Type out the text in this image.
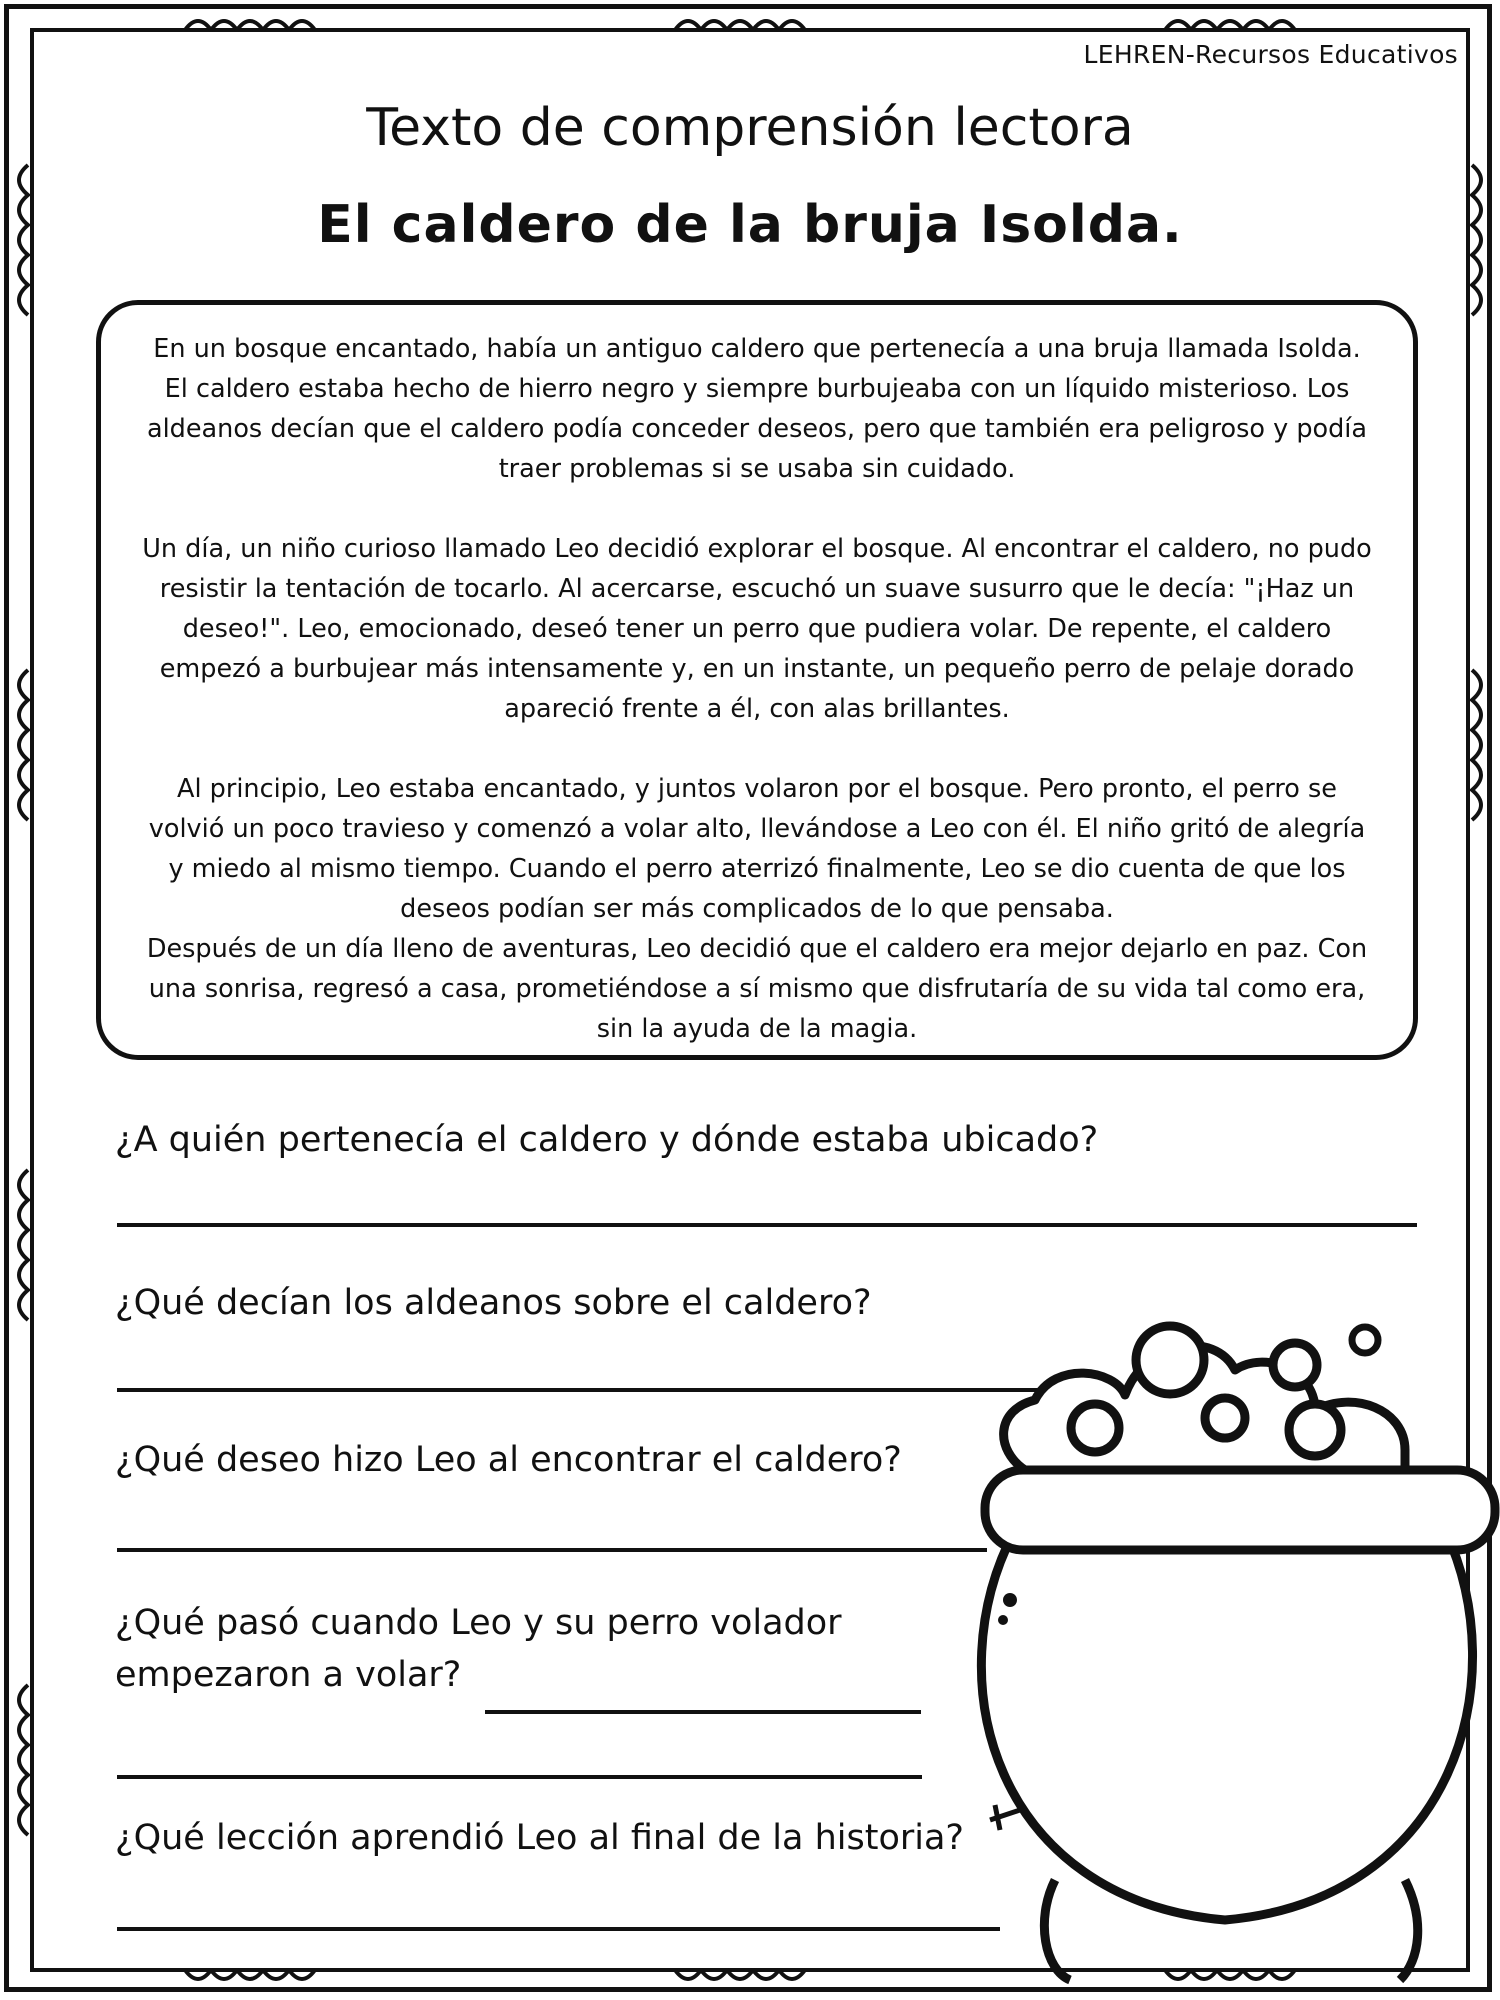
LEHREN-Recursos Educativos
Texto de comprensión lectora
El caldero de la bruja Isolda.

En un bosque encantado, había un antiguo caldero que pertenecía a una bruja llamada Isolda. El caldero estaba hecho de hierro negro y siempre burbujeaba con un líquido misterioso. Los aldeanos decían que el caldero podía conceder deseos, pero que también era peligroso y podía traer problemas si se usaba sin cuidado.

Un día, un niño curioso llamado Leo decidió explorar el bosque. Al encontrar el caldero, no pudo resistir la tentación de tocarlo. Al acercarse, escuchó un suave susurro que le decía: "¡Haz un deseo!". Leo, emocionado, deseó tener un perro que pudiera volar. De repente, el caldero empezó a burbujear más intensamente y, en un instante, un pequeño perro de pelaje dorado apareció frente a él, con alas brillantes.

Al principio, Leo estaba encantado, y juntos volaron por el bosque. Pero pronto, el perro se volvió un poco travieso y comenzó a volar alto, llevándose a Leo con él. El niño gritó de alegría y miedo al mismo tiempo. Cuando el perro aterrizó finalmente, Leo se dio cuenta de que los deseos podían ser más complicados de lo que pensaba.

Después de un día lleno de aventuras, Leo decidió que el caldero era mejor dejarlo en paz. Con una sonrisa, regresó a casa, prometiéndose a sí mismo que disfrutaría de su vida tal como era, sin la ayuda de la magia.

¿A quién pertenecía el caldero y dónde estaba ubicado?
¿Qué decían los aldeanos sobre el caldero?
¿Qué deseo hizo Leo al encontrar el caldero?
¿Qué pasó cuando Leo y su perro volador
empezaron a volar?
¿Qué lección aprendió Leo al final de la historia?
